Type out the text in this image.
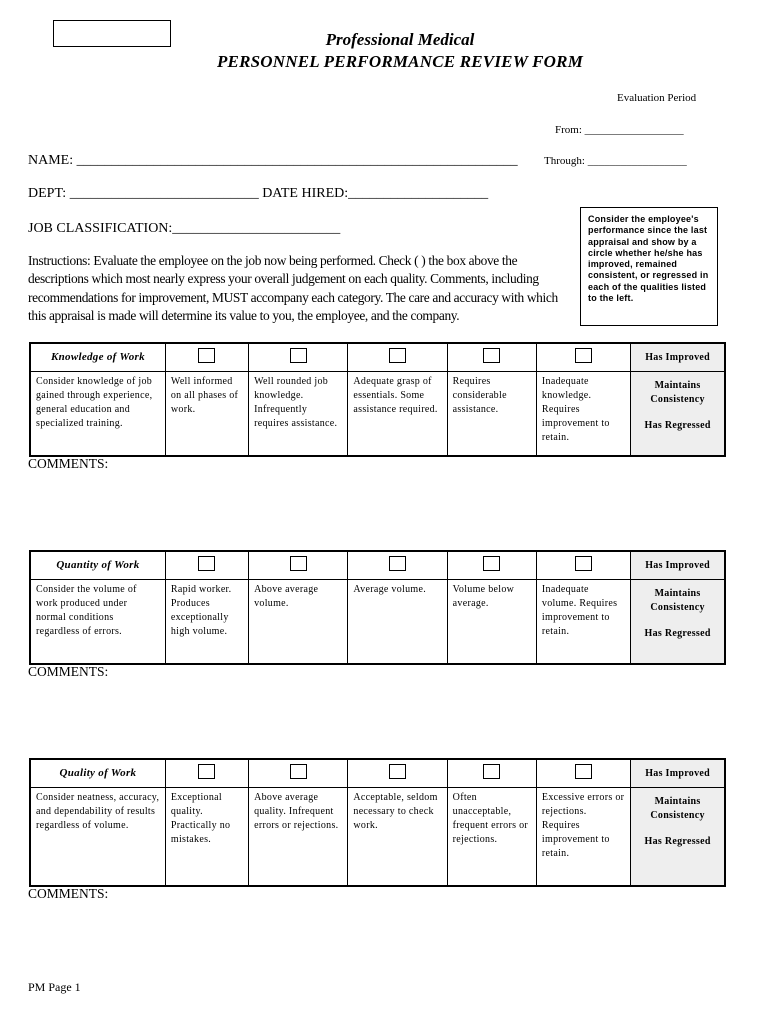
Professional Medical
PERSONNEL PERFORMANCE REVIEW FORM
Evaluation Period
From: __________________
Through: __________________
NAME: _______________________________________________________________
DEPT: ___________________________ DATE HIRED:____________________
JOB CLASSIFICATION:________________________
Instructions: Evaluate the employee on the job now being performed. Check ( ) the box above the descriptions which most nearly express your overall judgement on each quality. Comments, including recommendations for improvement, MUST accompany each category. The care and accuracy with which this appraisal is made will determine its value to you, the employee, and the company.
Consider the employee's performance since the last appraisal and show by a circle whether he/she has improved, remained consistent, or regressed in each of the qualities listed to the left.
Knowledge of Work						Has Improved
Consider knowledge of job gained through experience, general education and specialized training.	Well informed on all phases of work.	Well rounded job knowledge. Infrequently requires assistance.	Adequate grasp of essentials. Some assistance required.	Requires considerable assistance.	Inadequate knowledge. Requires improvement to retain.	Maintains Consistency
Has Regressed
COMMENTS:
Quantity of Work						Has Improved
Consider the volume of work produced under normal conditions regardless of errors.	Rapid worker. Produces exceptionally high volume.	Above average volume.	Average volume.	Volume below average.	Inadequate volume. Requires improvement to retain.	Maintains Consistency
Has Regressed
COMMENTS:
Quality of Work						Has Improved
Consider neatness, accuracy, and dependability of results regardless of volume.	Exceptional quality. Practically no mistakes.	Above average quality. Infrequent errors or rejections.	Acceptable, seldom necessary to check work.	Often unacceptable, frequent errors or rejections.	Excessive errors or rejections. Requires improvement to retain.	Maintains Consistency
Has Regressed
COMMENTS:
PM Page 1
